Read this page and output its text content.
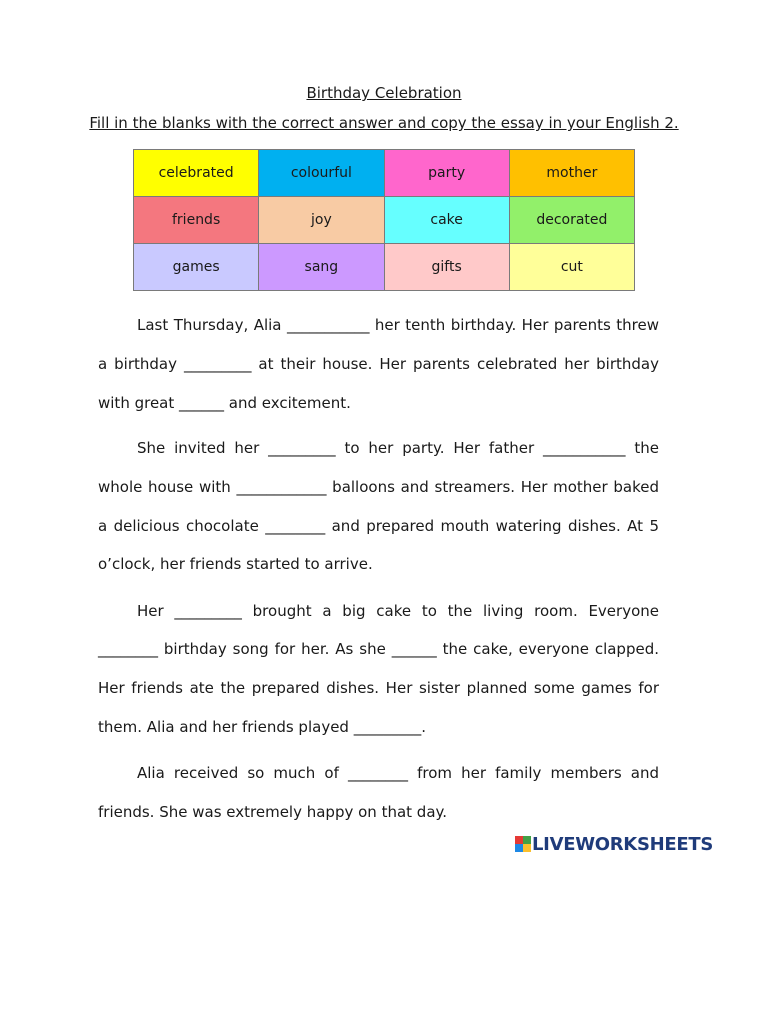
Birthday Celebration
Fill in the blanks with the correct answer and copy the essay in your English 2.
celebrated	colourful	party	mother
friends	joy	cake	decorated
games	sang	gifts	cut
Last Thursday, Alia ___________ her tenth birthday. Her parents threw
a birthday _________ at their house. Her parents celebrated her birthday
with great ______ and excitement.
She invited her _________ to her party. Her father ___________ the
whole house with ____________ balloons and streamers. Her mother baked
a delicious chocolate ________ and prepared mouth watering dishes. At 5
o’clock, her friends started to arrive.
Her _________ brought a big cake to the living room. Everyone
________ birthday song for her. As she ______ the cake, everyone clapped.
Her friends ate the prepared dishes. Her sister planned some games for
them. Alia and her friends played _________.
Alia received so much of ________ from her family members and
friends. She was extremely happy on that day.
LIVEWORKSHEETS
